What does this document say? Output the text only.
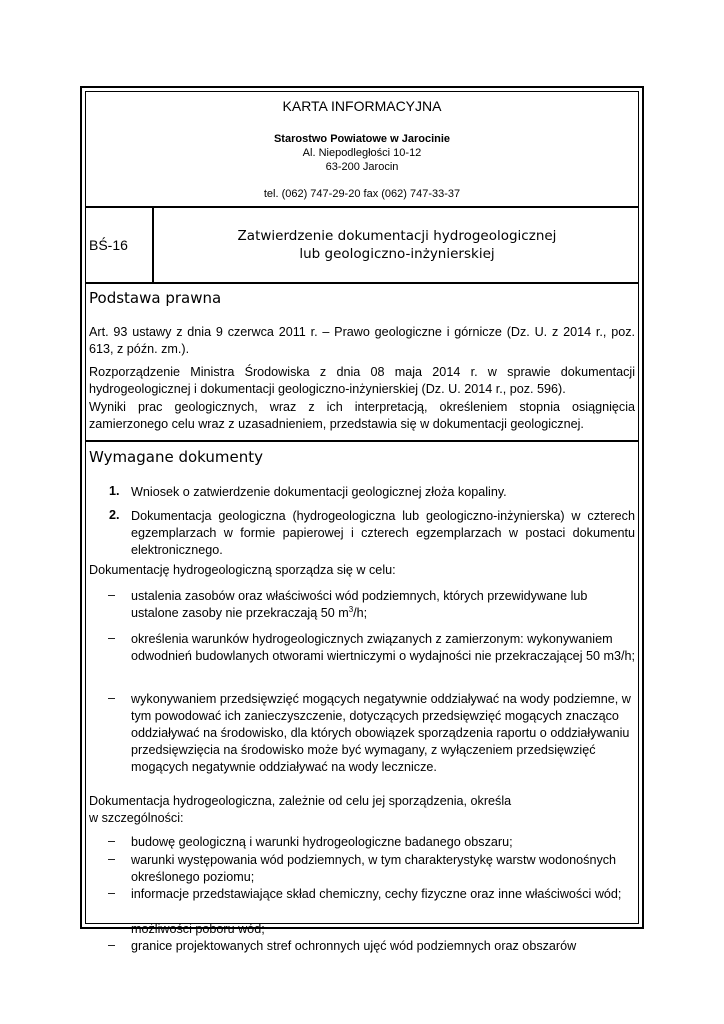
KARTA INFORMACYJNA
Starostwo Powiatowe w Jarocinie
Al. Niepodległości 10-12
63-200 Jarocin
tel. (062) 747-29-20 fax (062) 747-33-37
BŚ-16
Zatwierdzenie dokumentacji hydrogeologicznej
lub geologiczno-inżynierskiej
Podstawa prawna
Art. 93 ustawy z dnia 9 czerwca 2011 r. – Prawo geologiczne i górnicze (Dz. U. z 2014 r., poz. 613, z późn. zm.).
Rozporządzenie Ministra Środowiska z dnia 08 maja 2014 r. w sprawie dokumentacji hydrogeologicznej i dokumentacji geologiczno-inżynierskiej (Dz. U. 2014 r., poz. 596).
Wyniki prac geologicznych, wraz z ich interpretacją, określeniem stopnia osiągnięcia zamierzonego celu wraz z uzasadnieniem, przedstawia się w dokumentacji geologicznej.
Wymagane dokumenty
1. Wniosek o zatwierdzenie dokumentacji geologicznej złoża kopaliny.
2. Dokumentacja geologiczna (hydrogeologiczna lub geologiczno-inżynierska) w czterech egzemplarzach w formie papierowej i czterech egzemplarzach w postaci dokumentu elektronicznego.
Dokumentację hydrogeologiczną sporządza się w celu:
– ustalenia zasobów oraz właściwości wód podziemnych, których przewidywane lub ustalone zasoby nie przekraczają 50 $m^3/h$;
– określenia warunków hydrogeologicznych związanych z zamierzonym: wykonywaniem odwodnień budowlanych otworami wiertniczymi o wydajności nie przekraczającej 50 m3/h;
– wykonywaniem przedsięwzięć mogących negatywnie oddziaływać na wody podziemne, w tym powodować ich zanieczyszczenie, dotyczących przedsięwzięć mogących znacząco oddziaływać na środowisko, dla których obowiązek sporządzenia raportu o oddziaływaniu przedsięwzięcia na środowisko może być wymagany, z wyłączeniem przedsięwzięć mogących negatywnie oddziaływać na wody lecznicze.
Dokumentacja hydrogeologiczna, zależnie od celu jej sporządzenia, określa w szczególności:
– budowę geologiczną i warunki hydrogeologiczne badanego obszaru;
– warunki występowania wód podziemnych, w tym charakterystykę warstw wodonośnych określonego poziomu;
– informacje przedstawiające skład chemiczny, cechy fizyczne oraz inne właściwości wód;
– możliwości poboru wód;
– granice projektowanych stref ochronnych ujęć wód podziemnych oraz obszarów
